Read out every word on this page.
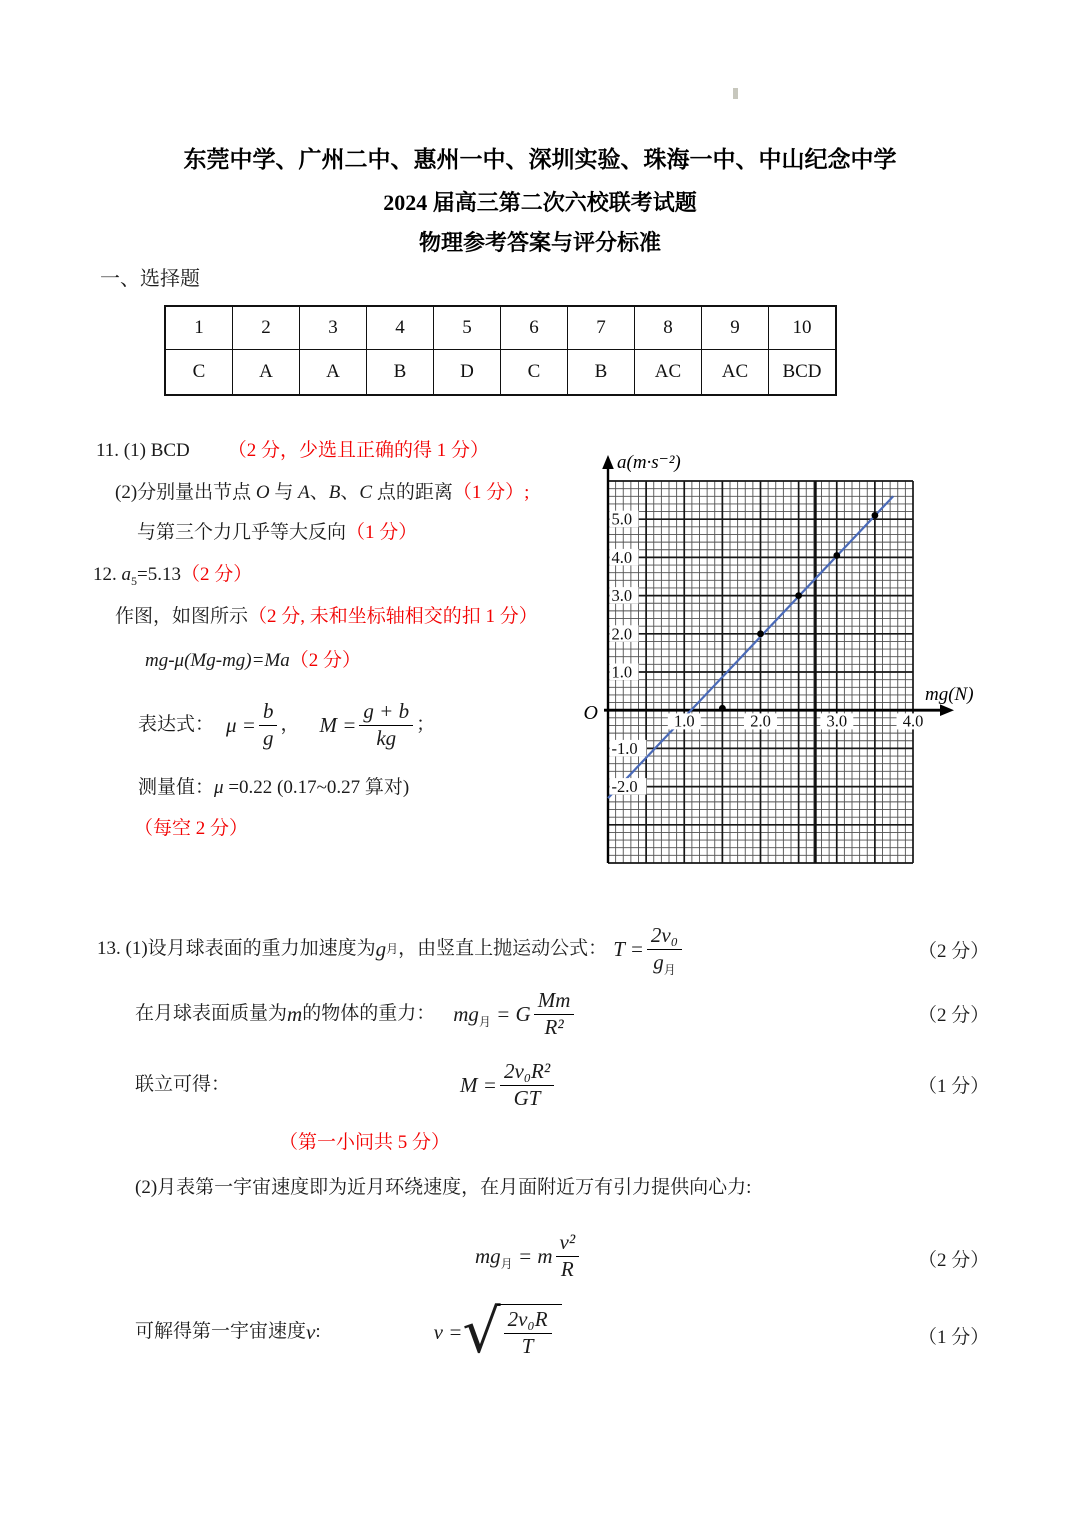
东莞中学、广州二中、惠州一中、深圳实验、珠海一中、中山纪念中学
2024 届高三第二次六校联考试题
物理参考答案与评分标准
一、选择题
1	2	3	4	5	6	7	8	9	10
C	A	A	B	D	C	B	AC	AC	BCD
11. (1) BCD （2 分，少选且正确的得 1 分）
(2)分别量出节点 O 与 A、B、C 点的距离（1 分）;
与第三个力几乎等大反向（1 分）
12. $a_5=5.13(2$ 分）
作图，如图所示（2 分, 未和坐标轴相交的扣 1 分）
mg-μ(Mg-mg)=Ma（2 分）
表达式： $\mu = \frac{b}{g}$ ， $M = \frac{g + b}{kg}$ ；
测量值：μ =0.22 (0.17~0.27 算对)
（每空 2 分）
5.0
4.0
3.0
2.0
1.0
-1.0
-2.0
1.0	2.0	3.0	4.0
a(m·s⁻²)
mg(N)
O
13. (1)设月球表面的重力加速度为 g 月 ，由竖直上抛运动公式： $T = \frac{\text{2v₀}}{g_月}$	（2 分）
在月球表面质量为 m 的物体的重力： $mg_月 = G \frac{Mm}{\text{R²}}$	（2 分）
联立可得：	$M = \frac{\text{2v₀R²}}{GT}$	（1 分）
（第一小问共 5 分）
(2)月表第一宇宙速度即为近月环绕速度，在月面附近万有引力提供向心力:
$mg_月 = m \frac{\text{v²}}{R}$	（2 分）
可解得第一宇宙速度 v :	v = √ $\frac{\text{2v₀R}}{T}$	（1 分）
